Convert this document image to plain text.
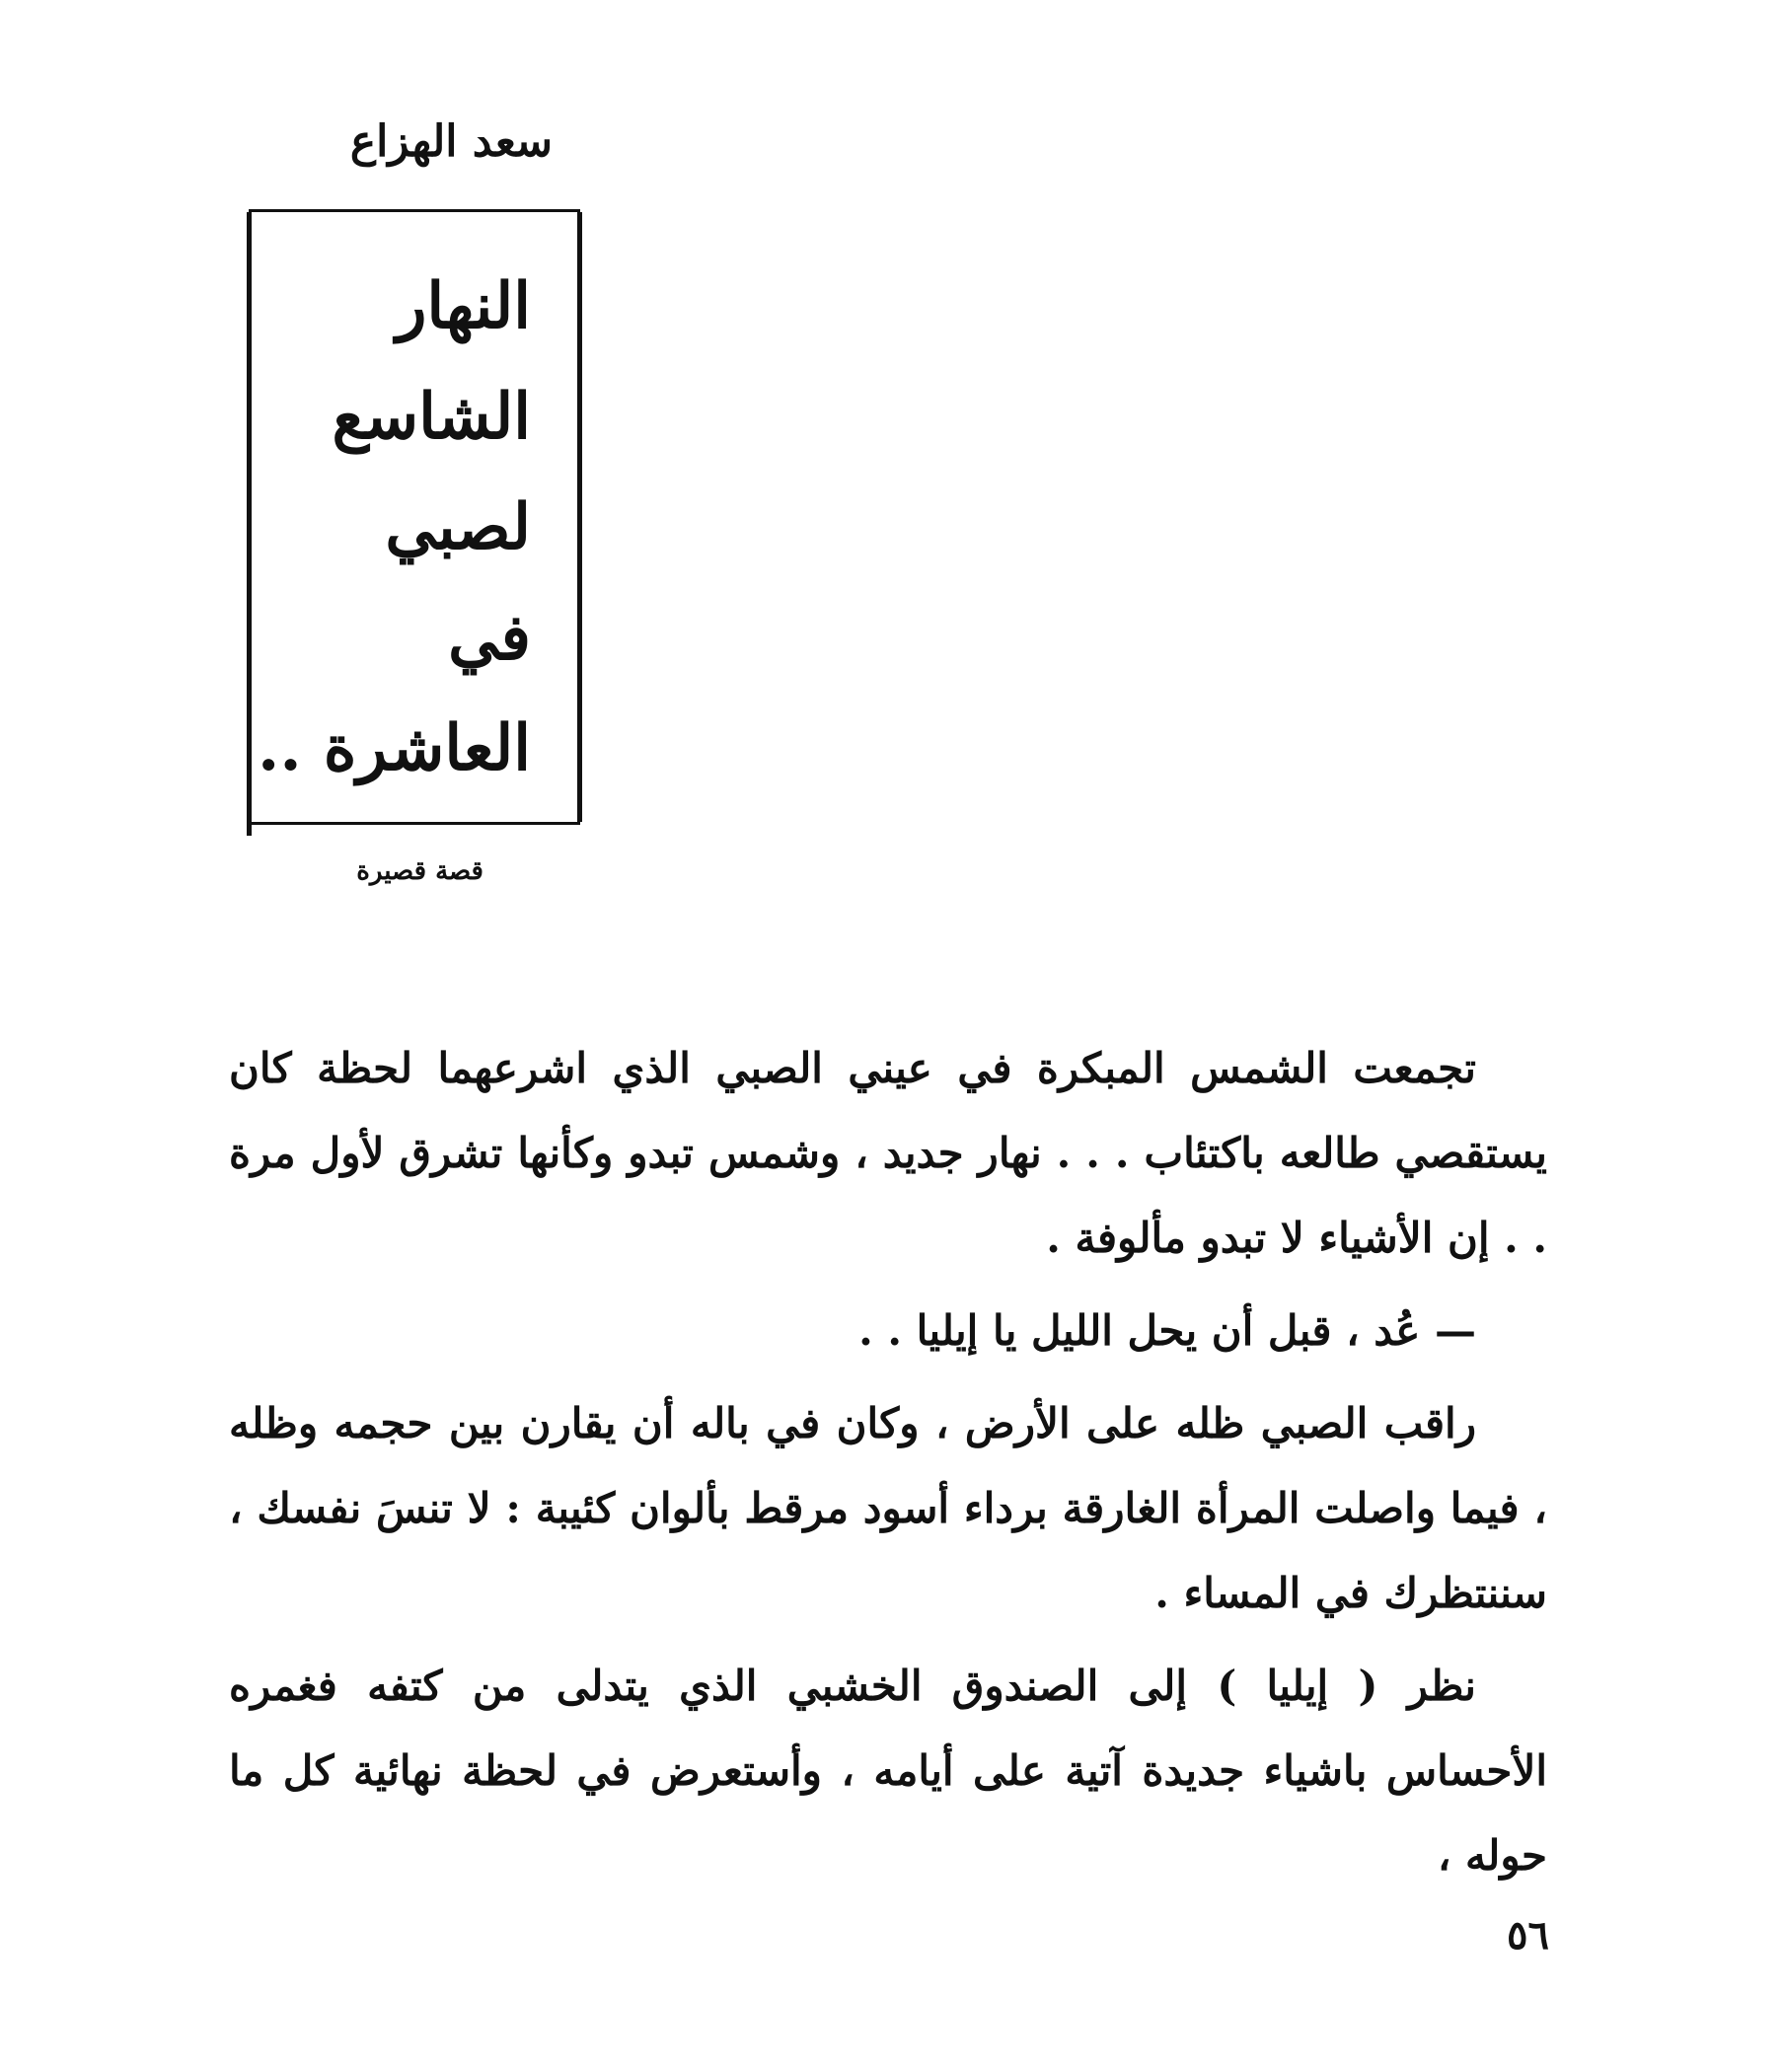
سعد الهزاع
النهار
الشاسع
لصبي
في
العاشرة ..
قصة قصيرة

تجمعت الشمس المبكرة في عيني الصبي الذي اشرعهما لحظة كان يستقصي طالعه باكتئاب . . . نهار جديد ، وشمس تبدو وكأنها تشرق لأول مرة . . إن الأشياء لا تبدو مألوفة .

— عُد ، قبل أن يحل الليل يا إيليا . .

راقب الصبي ظله على الأرض ، وكان في باله أن يقارن بين حجمه وظله ، فيما واصلت المرأة الغارقة برداء أسود مرقط بألوان كئيبة : لا تنسَ نفسك ، سننتظرك في المساء .

نظر ( إيليا ) إلى الصندوق الخشبي الذي يتدلى من كتفه فغمره الأحساس باشياء جديدة آتية على أيامه ، وأستعرض في لحظة نهائية كل ما حوله ،

٥٦
